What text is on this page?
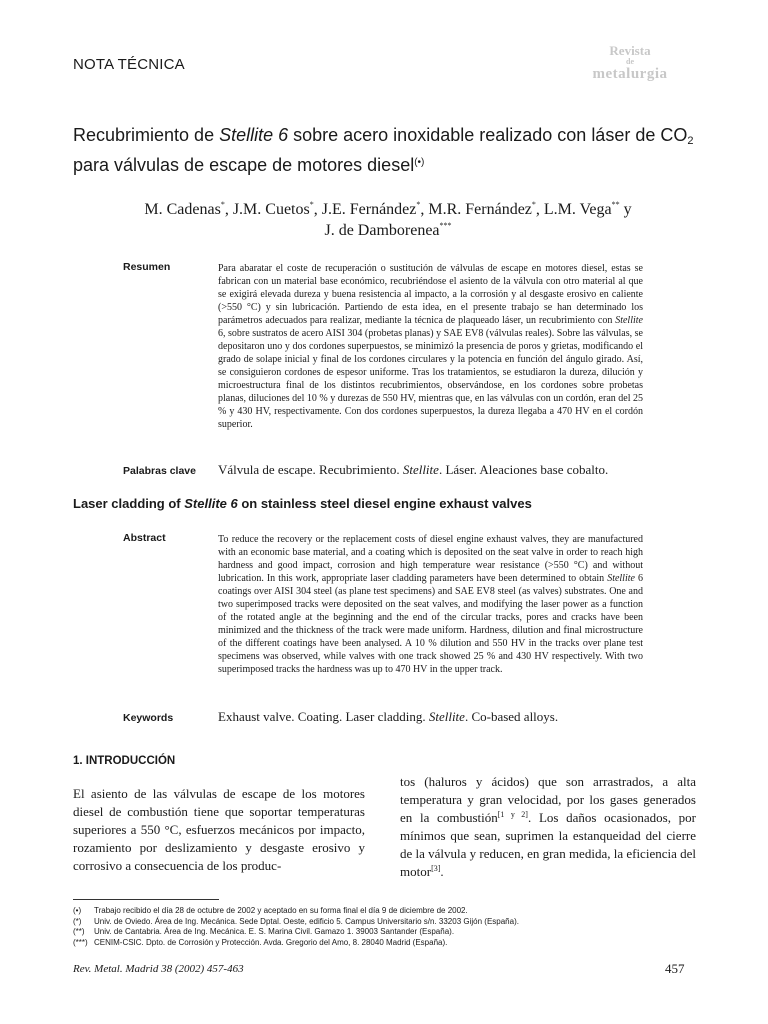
NOTA TÉCNICA
Revista
de
metalurgia
Recubrimiento de Stellite 6 sobre acero inoxidable realizado con láser de $CO_2$ para válvulas de escape de motores diesel(•)
M. Cadenas*, J.M. Cuetos*, J.E. Fernández*, M.R. Fernández*, L.M. Vega** y
J. de Damborenea***
Resumen	Para abaratar el coste de recuperación o sustitución de válvulas de escape en motores diesel, estas se fabrican con un material base económico, recubriéndose el asiento de la válvula con otro material al que se exigirá elevada dureza y buena resistencia al impacto, a la corrosión y al desgaste erosivo en caliente (>550 °C) y sin lubricación. Partiendo de esta idea, en el presente trabajo se han determinado los parámetros adecuados para realizar, mediante la técnica de plaqueado láser, un recubrimiento con Stellite 6, sobre sustratos de acero AISI 304 (probetas planas) y SAE EV8 (válvulas reales). Sobre las válvulas, se depositaron uno y dos cordones superpuestos, se minimizó la presencia de poros y grietas, modificando el grado de solape inicial y final de los cordones circulares y la potencia en función del ángulo girado. Así, se consiguieron cordones de espesor uniforme. Tras los tratamientos, se estudiaron la dureza, dilución y microestructura final de los distintos recubrimientos, observándose, en los cordones sobre probetas planas, diluciones del 10 % y durezas de 550 HV, mientras que, en las válvulas con un cordón, eran del 25 % y 430 HV, respectivamente. Con dos cordones superpuestos, la dureza llegaba a 470 HV en el cordón superior.
Palabras clave Válvula de escape. Recubrimiento. Stellite. Láser. Aleaciones base cobalto.
Laser cladding of Stellite 6 on stainless steel diesel engine exhaust valves
Abstract	To reduce the recovery or the replacement costs of diesel engine exhaust valves, they are manufactured with an economic base material, and a coating which is deposited on the seat valve in order to reach high hardness and good impact, corrosion and high temperature wear resistance (>550 °C) and without lubrication. In this work, appropriate laser cladding parameters have been determined to obtain Stellite 6 coatings over AISI 304 steel (as plane test specimens) and SAE EV8 steel (as valves) substrates. One and two superimposed tracks were deposited on the seat valves, and modifying the laser power as a function of the rotated angle at the beginning and the end of the circular tracks, pores and cracks have been minimized and the thickness of the track were made uniform. Hardness, dilution and final microstructure of the different coatings have been analysed. A 10 % dilution and 550 HV in the tracks over plane test specimens was observed, while valves with one track showed 25 % and 430 HV respectively. With two superimposed tracks the hardness was up to 470 HV in the upper track.
Keywords	Exhaust valve. Coating. Laser cladding. Stellite. Co-based alloys.
1. INTRODUCCIÓN
El asiento de las válvulas de escape de los motores diesel de combustión tiene que soportar temperaturas superiores a 550 °C, esfuerzos mecánicos por impacto, rozamiento por deslizamiento y desgaste erosivo y corrosivo a consecuencia de los produc-
tos (haluros y ácidos) que son arrastrados, a alta temperatura y gran velocidad, por los gases generados en la combustión[1 y 2]. Los daños ocasionados, por mínimos que sean, suprimen la estanqueidad del cierre de la válvula y reducen, en gran medida, la eficiencia del motor[3].
(•)	Trabajo recibido el día 28 de octubre de 2002 y aceptado en su forma final el día 9 de diciembre de 2002.
(*)	Univ. de Oviedo. Área de Ing. Mecánica. Sede Dptal. Oeste, edificio 5. Campus Universitario s/n. 33203 Gijón (España).
(**)	Univ. de Cantabria. Área de Ing. Mecánica. E. S. Marina Civil. Gamazo 1. 39003 Santander (España).
(***) CENIM-CSIC. Dpto. de Corrosión y Protección. Avda. Gregorio del Amo, 8. 28040 Madrid (España).
Rev. Metal. Madrid 38 (2002) 457-463	457
